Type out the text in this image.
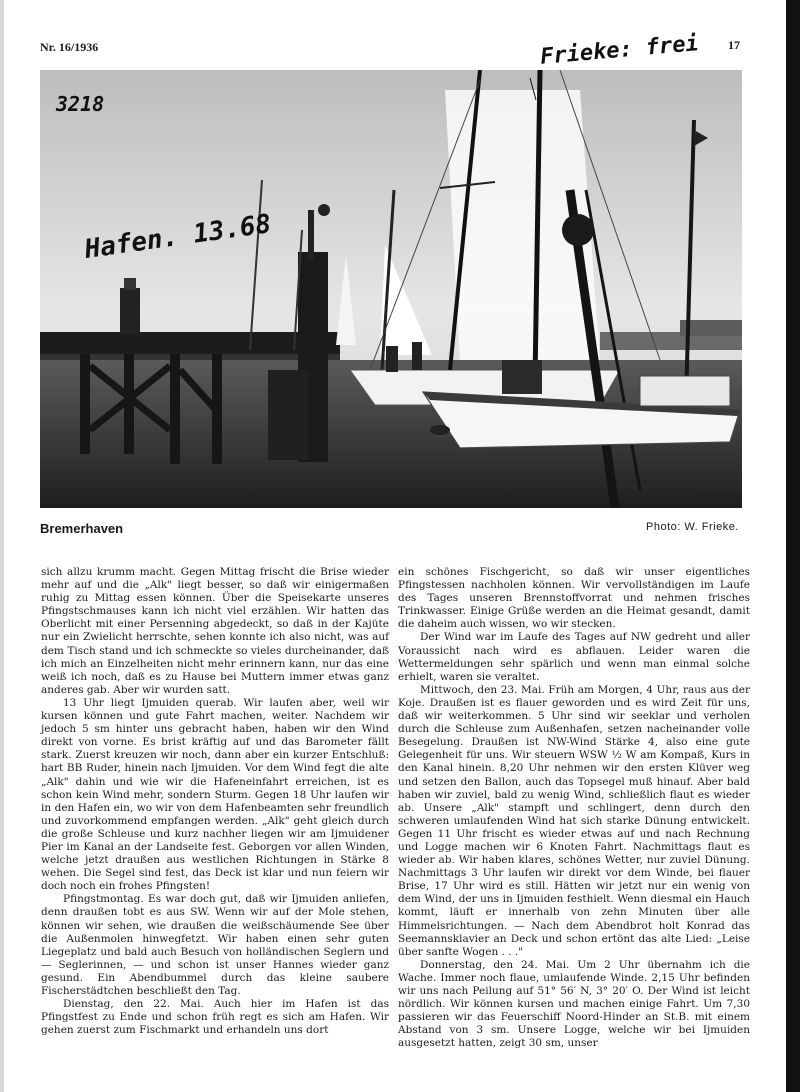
Nr. 16/1936	17
Frieke: frei
3218
Hafen. 13.68
Bremerhaven	Photo: W. Frieke.

sich allzu krumm macht. Gegen Mittag frischt die Brise wieder mehr auf und die „Alk" liegt besser, so daß wir einigermaßen ruhig zu Mittag essen können. Über die Speisekarte unseres Pfingstschmauses kann ich nicht viel erzählen. Wir hatten das Oberlicht mit einer Persenning abgedeckt, so daß in der Kajüte nur ein Zwielicht herrschte, sehen konnte ich also nicht, was auf dem Tisch stand und ich schmeckte so vieles durcheinander, daß ich mich an Einzelheiten nicht mehr erinnern kann, nur das eine weiß ich noch, daß es zu Hause bei Muttern immer etwas ganz anderes gab. Aber wir wurden satt.

13 Uhr liegt Ijmuiden querab. Wir laufen aber, weil wir kursen können und gute Fahrt machen, weiter. Nachdem wir jedoch 5 sm hinter uns gebracht haben, haben wir den Wind direkt von vorne. Es brist kräftig auf und das Barometer fällt stark. Zuerst kreuzen wir noch, dann aber ein kurzer Entschluß: hart BB Ruder, hinein nach Ijmuiden. Vor dem Wind fegt die alte „Alk" dahin und wie wir die Hafeneinfahrt erreichen, ist es schon kein Wind mehr, sondern Sturm. Gegen 18 Uhr laufen wir in den Hafen ein, wo wir von dem Hafenbeamten sehr freundlich und zuvorkommend empfangen werden. „Alk" geht gleich durch die große Schleuse und kurz nachher liegen wir am Ijmuidener Pier im Kanal an der Landseite fest. Geborgen vor allen Winden, welche jetzt draußen aus westlichen Richtungen in Stärke 8 wehen. Die Segel sind fest, das Deck ist klar und nun feiern wir doch noch ein frohes Pfingsten!

Pfingstmontag. Es war doch gut, daß wir Ijmuiden anliefen, denn draußen tobt es aus SW. Wenn wir auf der Mole stehen, können wir sehen, wie draußen die weißschäumende See über die Außenmolen hinwegfetzt. Wir haben einen sehr guten Liegeplatz und bald auch Besuch von holländischen Seglern und — Seglerinnen, — und schon ist unser Hannes wieder ganz gesund. Ein Abendbummel durch das kleine saubere Fischerstädtchen beschließt den Tag.

Dienstag, den 22. Mai. Auch hier im Hafen ist das Pfingstfest zu Ende und schon früh regt es sich am Hafen. Wir gehen zuerst zum Fischmarkt und erhandeln uns dort

ein schönes Fischgericht, so daß wir unser eigentliches Pfingstessen nachholen können. Wir vervollständigen im Laufe des Tages unseren Brennstoffvorrat und nehmen frisches Trinkwasser. Einige Grüße werden an die Heimat gesandt, damit die daheim auch wissen, wo wir stecken.

Der Wind war im Laufe des Tages auf NW gedreht und aller Voraussicht nach wird es abflauen. Leider waren die Wettermeldungen sehr spärlich und wenn man einmal solche erhielt, waren sie veraltet.

Mittwoch, den 23. Mai. Früh am Morgen, 4 Uhr, raus aus der Koje. Draußen ist es flauer geworden und es wird Zeit für uns, daß wir weiterkommen. 5 Uhr sind wir seeklar und verholen durch die Schleuse zum Außenhafen, setzen nacheinander volle Besegelung. Draußen ist NW-Wind Stärke 4, also eine gute Gelegenheit für uns. Wir steuern WSW ½ W am Kompaß, Kurs in den Kanal hinein. 8,20 Uhr nehmen wir den ersten Klüver weg und setzen den Ballon, auch das Topsegel muß hinauf. Aber bald haben wir zuviel, bald zu wenig Wind, schließlich flaut es wieder ab. Unsere „Alk" stampft und schlingert, denn durch den schweren umlaufenden Wind hat sich starke Dünung entwickelt. Gegen 11 Uhr frischt es wieder etwas auf und nach Rechnung und Logge machen wir 6 Knoten Fahrt. Nachmittags flaut es wieder ab. Wir haben klares, schönes Wetter, nur zuviel Dünung. Nachmittags 3 Uhr laufen wir direkt vor dem Winde, bei flauer Brise, 17 Uhr wird es still. Hätten wir jetzt nur ein wenig von dem Wind, der uns in Ijmuiden festhielt. Wenn diesmal ein Hauch kommt, läuft er innerhalb von zehn Minuten über alle Himmelsrichtungen. — Nach dem Abendbrot holt Konrad das Seemannsklavier an Deck und schon ertönt das alte Lied: „Leise über sanfte Wogen . . ."

Donnerstag, den 24. Mai. Um 2 Uhr übernahm ich die Wache. Immer noch flaue, umlaufende Winde. 2,15 Uhr befinden wir uns nach Peilung auf 51° 56′ N, 3° 20′ O. Der Wind ist leicht nördlich. Wir können kursen und machen einige Fahrt. Um 7,30 passieren wir das Feuerschiff Noord-Hinder an St.B. mit einem Abstand von 3 sm. Unsere Logge, welche wir bei Ijmuiden ausgesetzt hatten, zeigt 30 sm, unser
